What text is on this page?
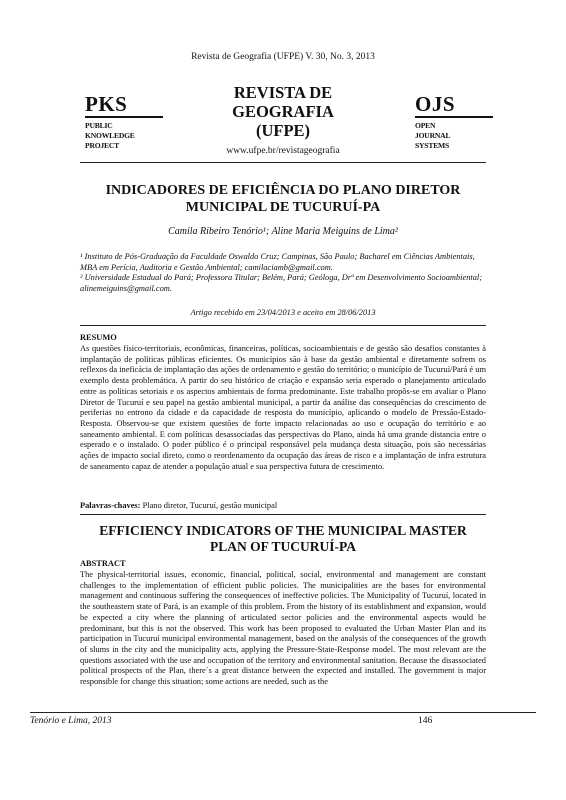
Revista de Geografia (UFPE) V. 30, No. 3, 2013
PKS
PUBLIC
KNOWLEDGE
PROJECT
REVISTA DE
GEOGRAFIA
(UFPE)
www.ufpe.br/revistageografia
OJS
OPEN
JOURNAL
SYSTEMS
INDICADORES DE EFICIÊNCIA DO PLANO DIRETOR
MUNICIPAL DE TUCURUÍ-PA
Camila Ribeiro Tenório¹; Aline Maria Meiguins de Lima²
¹ Instituto de Pós-Graduação da Faculdade Oswaldo Cruz; Campinas, São Paulo; Bacharel em Ciências Ambientais, MBA em Perícia, Auditoria e Gestão Ambiental; camilaciamb@gmail.com.
² Universidade Estadual do Pará; Professora Titular; Belém, Pará; Geóloga, Drª em Desenvolvimento Socioambiental; alinemeiguins@gmail.com.
Artigo recebido em 23/04/2013 e aceito em 28/06/2013
RESUMO
As questões físico-territoriais, econômicas, financeiras, políticas, socioambientais e de gestão são desafios constantes à implantação de políticas públicas eficientes. Os municípios são à base da gestão ambiental e diretamente sofrem os reflexos da ineficácia de implantação das ações de ordenamento e gestão do território; o município de Tucuruí/Pará é um exemplo desta problemática. A partir do seu histórico de criação e expansão seria esperado o planejamento articulado entre as políticas setoriais e os aspectos ambientais de forma predominante. Este trabalho propôs-se em avaliar o Plano Diretor de Tucuruí e seu papel na gestão ambiental municipal, a partir da análise das consequências do crescimento de periferias no entrono da cidade e da capacidade de resposta do município, aplicando o modelo de Pressão-Estado-Resposta. Observou-se que existem questões de forte impacto relacionadas ao uso e ocupação do território e ao saneamento ambiental. E com políticas desassociadas das perspectivas do Plano, ainda há uma grande distancia entre o esperado e o instalado. O poder público é o principal responsável pela mudança desta situação, pois são necessárias ações de impacto social direto, como o reordenamento da ocupação das áreas de risco e a implantação de infra estrutura de saneamento capaz de atender a população atual e sua perspectiva futura de crescimento.
Palavras-chaves: Plano diretor, Tucuruí, gestão municipal
EFFICIENCY INDICATORS OF THE MUNICIPAL MASTER
PLAN OF TUCURUÍ-PA
ABSTRACT
The physical-territorial issues, economic, financial, political, social, environmental and management are constant challenges to the implementation of efficient public policies. The municipalities are the bases for environmental management and continuous suffering the consequences of ineffective policies. The Municipality of Tucuruí, located in the southeastern state of Pará, is an example of this problem. From the history of its establishment and expansion, would be expected a city where the planning of articulated sector policies and the environmental aspects would be predominant, but this is not the observed. This work has been proposed to evaluated the Urban Master Plan and its participation in Tucuruí municipal environmental management, based on the analysis of the consequences of the growth of slums in the city and the municipality acts, applying the Pressure-State-Response model. The most relevant are the questions associated with the use and occupation of the territory and environmental sanitation. Because the disassociated political prospects of the Plan, there´s a great distance between the expected and installed. The government is major responsible for change this situation; some actions are needed, such as the
Tenório e Lima, 2013	146
